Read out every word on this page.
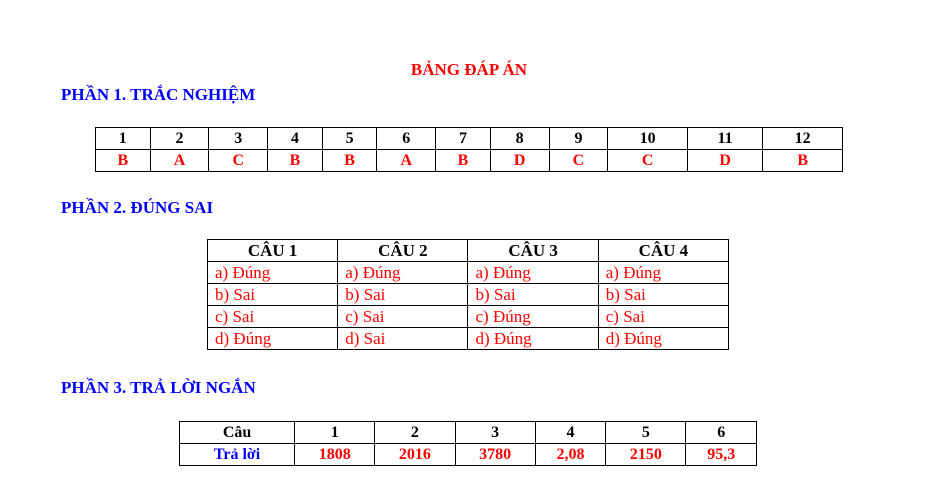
BẢNG ĐÁP ÁN
PHẦN 1. TRẮC NGHIỆM
1	2	3	4	5	6	7	8	9	10	11	12
B	A	C	B	B	A	B	D	C	C	D	B
PHẦN 2. ĐÚNG SAI
CÂU 1	CÂU 2	CÂU 3	CÂU 4
a) Đúng	a) Đúng	a) Đúng	a) Đúng
b) Sai	b) Sai	b) Sai	b) Sai
c) Sai	c) Sai	c) Đúng	c) Sai
d) Đúng	d) Sai	d) Đúng	d) Đúng
PHẦN 3. TRẢ LỜI NGẮN
Câu	1	2	3	4	5	6
Trả lời	1808	2016	3780	2,08	2150	95,3
